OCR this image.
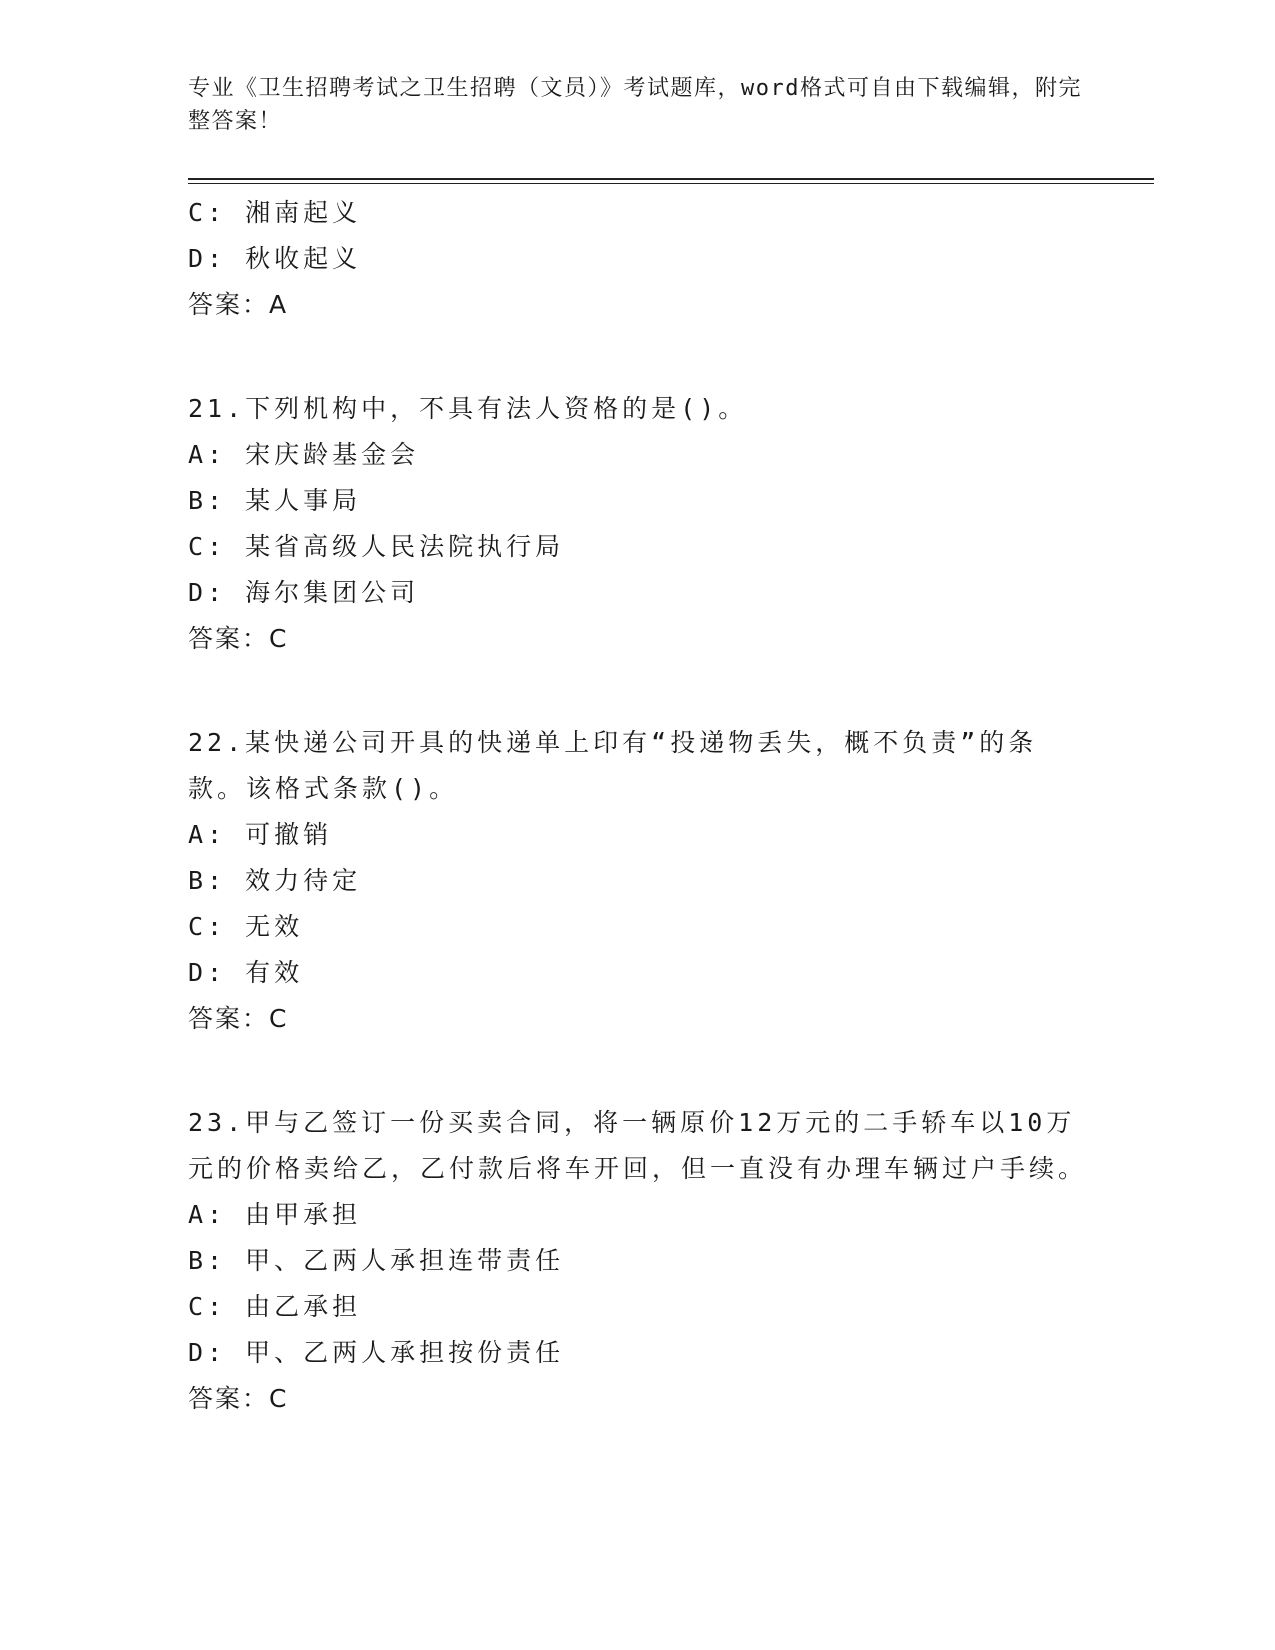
专业《卫生招聘考试之卫生招聘（文员）》考试题库，word格式可自由下载编辑，附完整答案！
C: 湘南起义
D: 秋收起义
答案：A
21.下列机构中，不具有法人资格的是()。
A: 宋庆龄基金会
B: 某人事局
C: 某省高级人民法院执行局
D: 海尔集团公司
答案：C
22.某快递公司开具的快递单上印有“投递物丢失，概不负责”的条款。该格式条款()。
A: 可撤销
B: 效力待定
C: 无效
D: 有效
答案：C
23.甲与乙签订一份买卖合同，将一辆原价12万元的二手轿车以10万元的价格卖给乙，乙付款后将车开回，但一直没有办理车辆过户手续。
A: 由甲承担
B: 甲、乙两人承担连带责任
C: 由乙承担
D: 甲、乙两人承担按份责任
答案：C
